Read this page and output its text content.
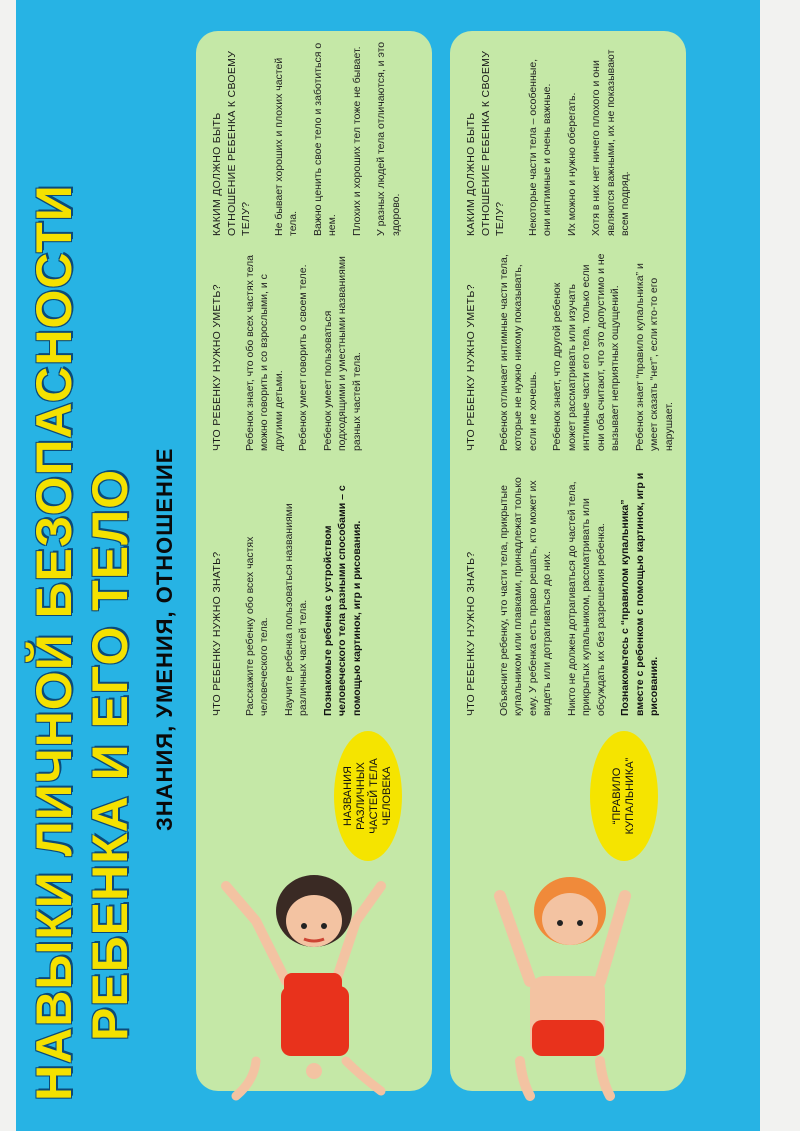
НАВЫКИ ЛИЧНОЙ БЕЗОПАСНОСТИ РЕБЕНКА И ЕГО ТЕЛО ЗНАНИЯ, УМЕНИЯ, ОТНОШЕНИЕ	НАЗВАНИЯ РАЗЛИЧНЫХ ЧАСТЕЙ ТЕЛА ЧЕЛОВЕКА
ЧТО РЕБЕНКУ НУЖНО ЗНАТЬ? Расскажите ребенку обо всех частях человеческого тела. Научите ребенка пользоваться названиями различных частей тела. Познакомьте ребенка с устройством человеческого тела разными способами – с помощью картинок, игр и рисования.

ЧТО РЕБЕНКУ НУЖНО УМЕТЬ? Ребенок знает, что обо всех частях тела можно говорить и со взрослыми, и с другими детьми. Ребенок умеет говорить о своем теле. Ребенок умеет пользоваться подходящими и уместными названиями разных частей тела.

КАКИМ ДОЛЖНО БЫТЬ ОТНОШЕНИЕ РЕБЕНКА К СВОЕМУ ТЕЛУ? Не бывает хороших и плохих частей тела. Важно ценить свое тело и заботиться о нем. Плохих и хороших тел тоже не бывает. У разных людей тела отличаются, и это здорово.

“ПРАВИЛО КУПАЛЬНИКА”
ЧТО РЕБЕНКУ НУЖНО ЗНАТЬ? Объясните ребенку, что части тела, прикрытые купальником или плавками, принадлежат только ему. У ребенка есть право решать, кто может их видеть или дотрагиваться до них. Никто не должен дотрагиваться до частей тела, прикрытых купальником, рассматривать или обсуждать их без разрешения ребенка. Познакомьтесь с “правилом купальника” вместе с ребенком с помощью картинок, игр и рисования.

ЧТО РЕБЕНКУ НУЖНО УМЕТЬ? Ребенок отличает интимные части тела, которые не нужно никому показывать, если не хочешь. Ребенок знает, что другой ребенок может рассматривать или изучать интимные части его тела, только если они оба считают, что это допустимо и не вызывает неприятных ощущений. Ребенок знает “правило купальника” и умеет сказать “нет”, если кто-то его нарушает.

КАКИМ ДОЛЖНО БЫТЬ ОТНОШЕНИЕ РЕБЕНКА К СВОЕМУ ТЕЛУ? Некоторые части тела – особенные, они интимные и очень важные. Их можно и нужно оберегать. Хотя в них нет ничего плохого и они являются важными, их не показывают всем подряд.
